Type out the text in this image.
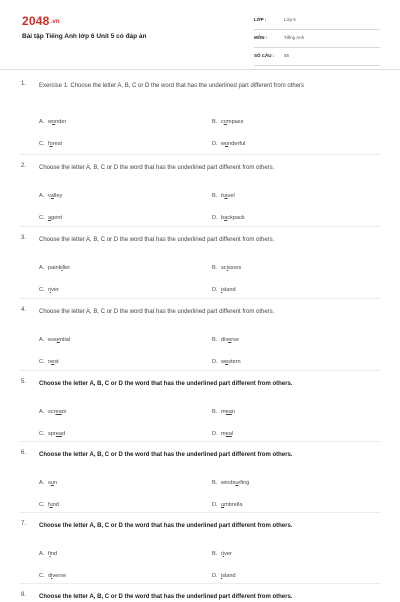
2048.vn
Bài tập Tiếng Anh lớp 6 Unit 5 có đáp án
LỚP :	Lớp 6
MÔN :	Tiếng Anh
SỐ CÂU : 55
1. Exercise 1: Choose the letter A, B, C or D the word that has the underlined part different from others
A. wonder	B. compass
C. forest	D. wonderful
2. Choose the letter A, B, C or D the word that has the underlined part different from others.
A. valley	B. travel
C. agent	D. backpack
3. Choose the letter A, B, C or D the word that has the underlined part different from others.
A. painkiller	B. scissors
C. river	D. island
4. Choose the letter A, B, C or D the word that has the underlined part different from others.
A. essential	B. diverse
C. nest	D. western
5. Choose the letter A, B, C or D the word that has the underlined part different from others.
A. scream	B. mean
C. spread	D. meal
6. Choose the letter A, B, C or D the word that has the underlined part different from others.
A. sun	B. windsurfing
C. fund	D. umbrella
7. Choose the letter A, B, C or D the word that has the underlined part different from others.
A. find	B. river
C. diverse	D. island
8. Choose the letter A, B, C or D the word that has the underlined part different from others.
